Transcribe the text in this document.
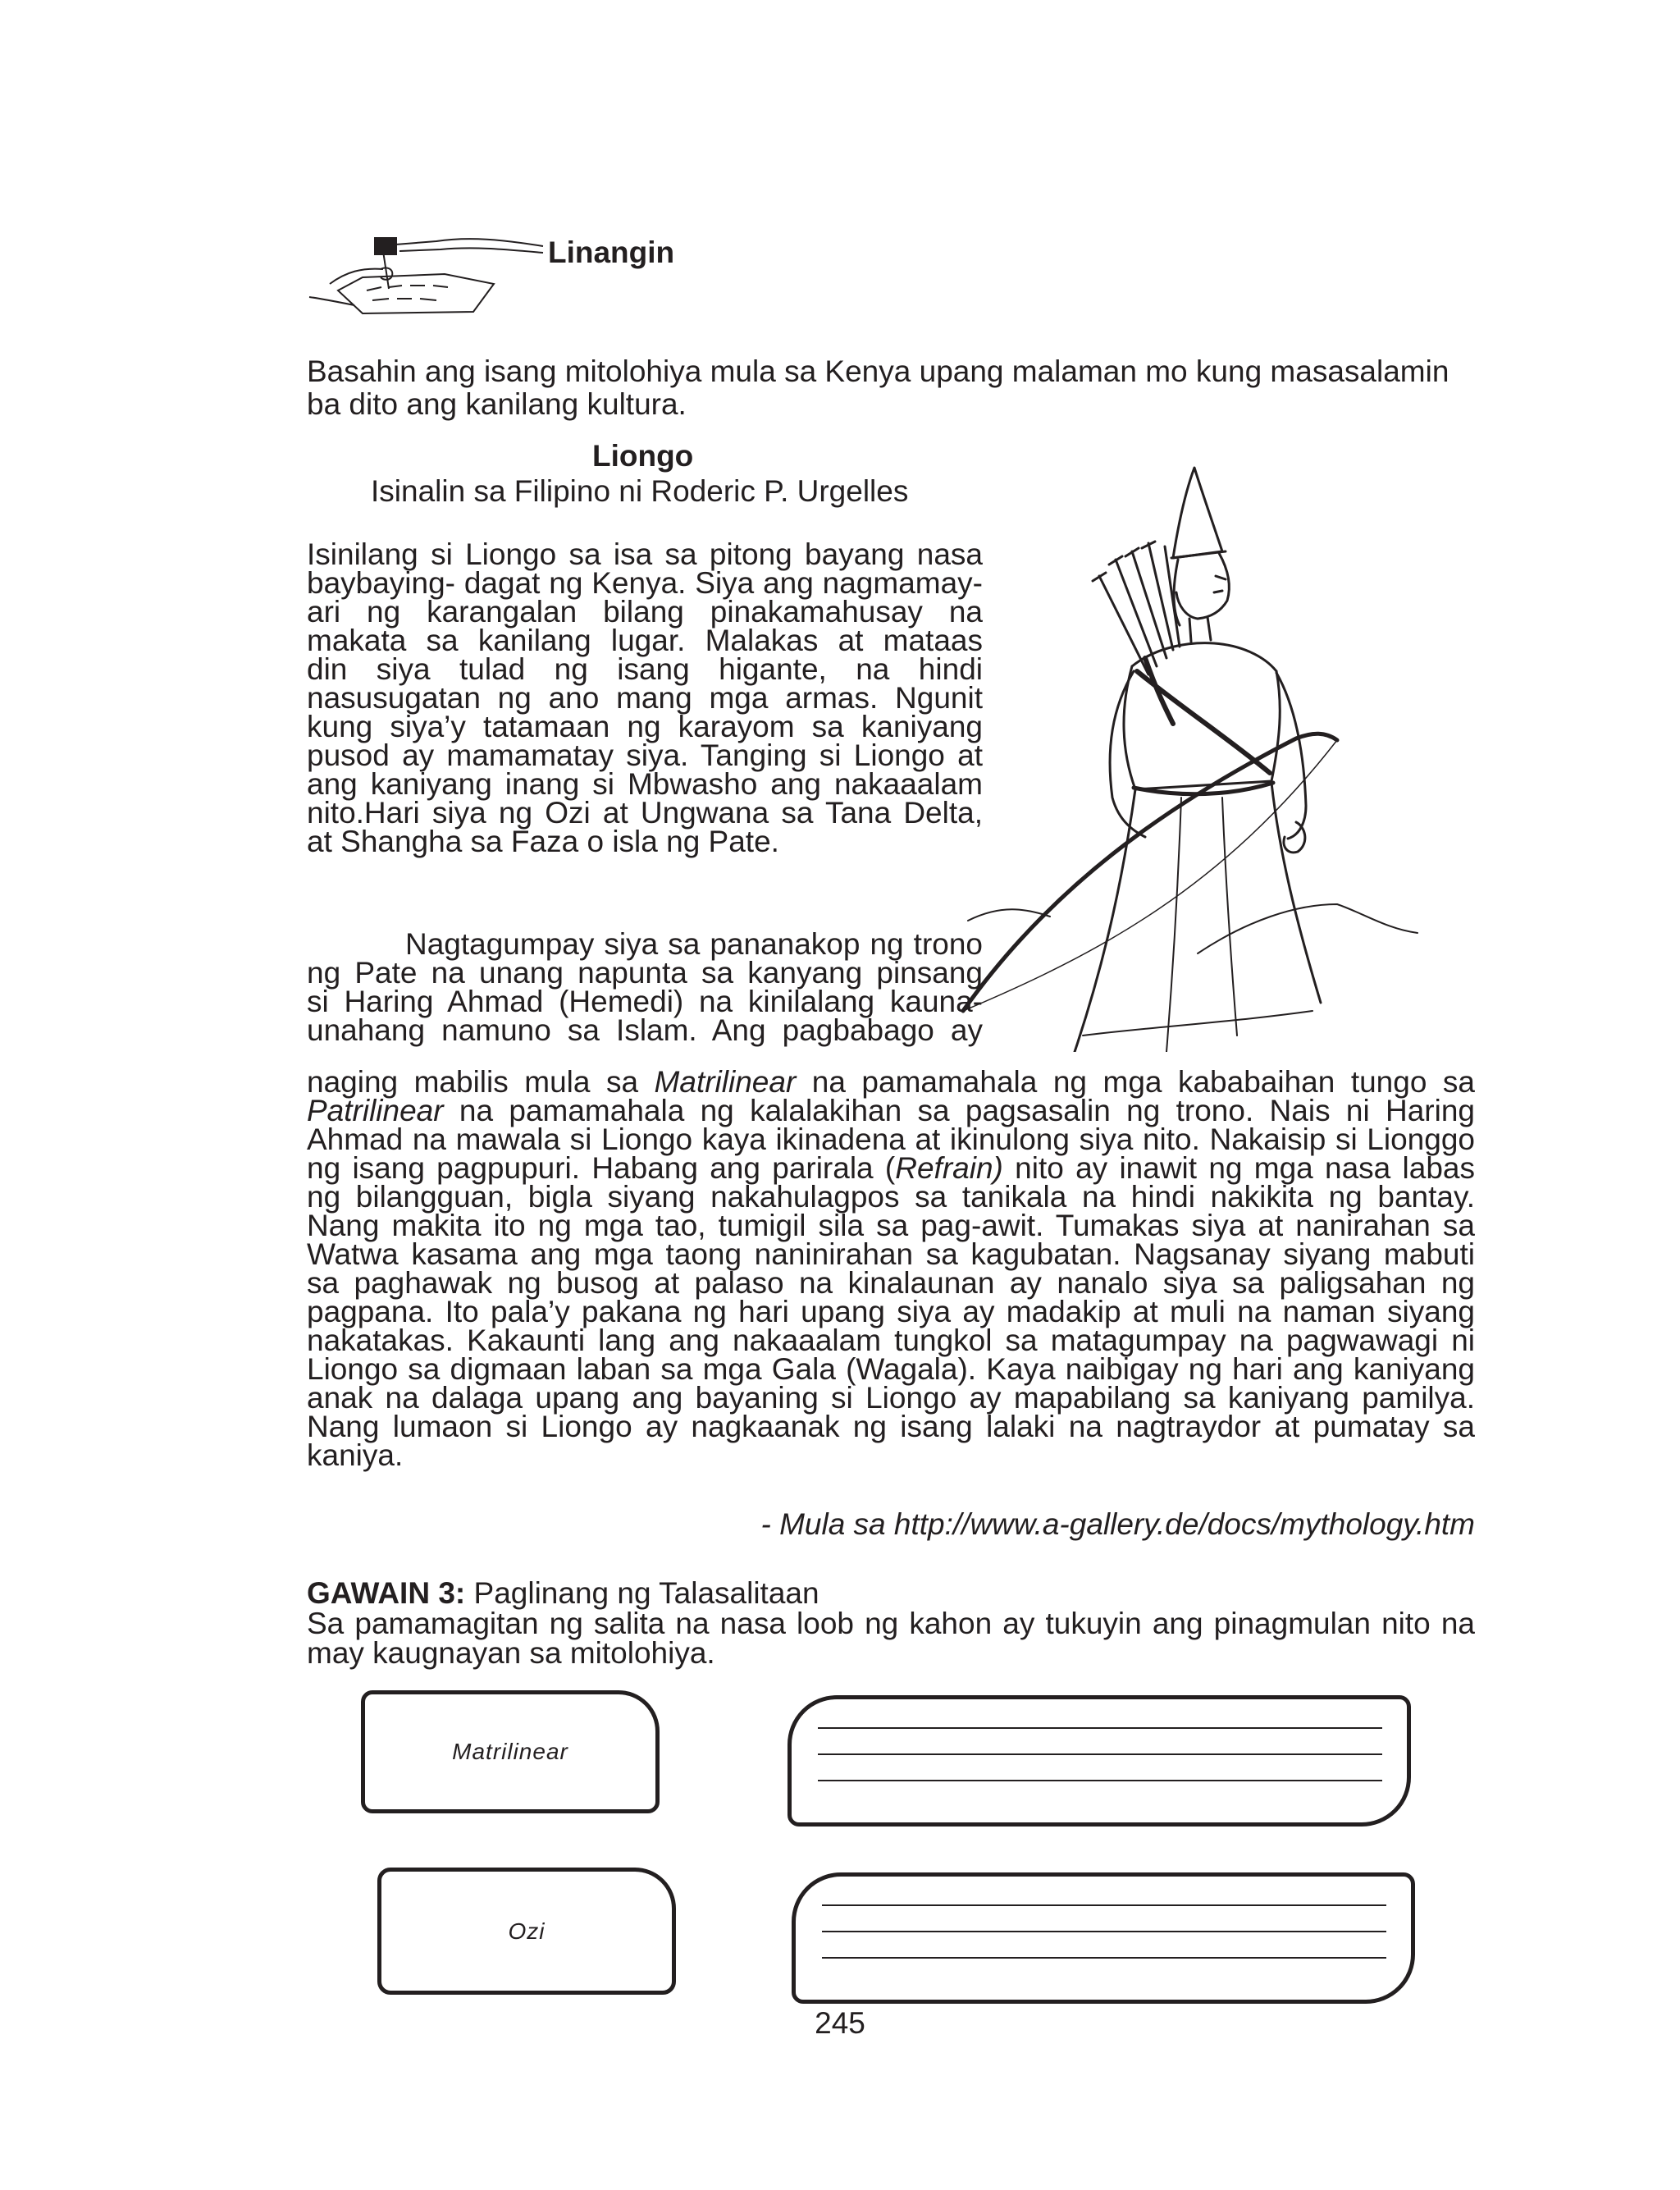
Linangin
Basahin ang isang mitolohiya mula sa Kenya upang malaman mo kung masasalamin
ba dito ang kanilang kultura.
Liongo
Isinalin sa Filipino ni Roderic P. Urgelles
Isinilang si Liongo sa isa sa pitong bayang nasa
baybaying- dagat ng Kenya. Siya ang nagmamay-
ari ng karangalan bilang pinakamahusay na
makata sa kanilang lugar. Malakas at mataas
din siya tulad ng isang higante, na hindi
nasusugatan ng ano mang mga armas. Ngunit
kung siya’y tatamaan ng karayom sa kaniyang
pusod ay mamamatay siya. Tanging si Liongo at
ang kaniyang inang si Mbwasho ang nakaaalam
nito.Hari siya ng Ozi at Ungwana sa Tana Delta,
at Shangha sa Faza o isla ng Pate.
Nagtagumpay siya sa pananakop ng trono
ng Pate na unang napunta sa kanyang pinsang
si Haring Ahmad (Hemedi) na kinilalang kauna-
unahang namuno sa Islam. Ang pagbabago ay
naging mabilis mula sa Matrilinear na pamamahala ng mga kababaihan tungo sa
Patrilinear na pamamahala ng kalalakihan sa pagsasalin ng trono. Nais ni Haring
Ahmad na mawala si Liongo kaya ikinadena at ikinulong siya nito. Nakaisip si Lionggo
ng isang pagpupuri. Habang ang parirala (Refrain) nito ay inawit ng mga nasa labas
ng bilangguan, bigla siyang nakahulagpos sa tanikala na hindi nakikita ng bantay.
Nang makita ito ng mga tao, tumigil sila sa pag-awit. Tumakas siya at nanirahan sa
Watwa kasama ang mga taong naninirahan sa kagubatan. Nagsanay siyang mabuti
sa paghawak ng busog at palaso na kinalaunan ay nanalo siya sa paligsahan ng
pagpana. Ito pala’y pakana ng hari upang siya ay madakip at muli na naman siyang
nakatakas. Kakaunti lang ang nakaaalam tungkol sa matagumpay na pagwawagi ni
Liongo sa digmaan laban sa mga Gala (Wagala). Kaya naibigay ng hari ang kaniyang
anak na dalaga upang ang bayaning si Liongo ay mapabilang sa kaniyang pamilya.
Nang lumaon si Liongo ay nagkaanak ng isang lalaki na nagtraydor at pumatay sa
kaniya.
- Mula sa http://www.a-gallery.de/docs/mythology.htm
GAWAIN 3: Paglinang ng Talasalitaan
Sa pamamagitan ng salita na nasa loob ng kahon ay tukuyin ang pinagmulan nito na
may kaugnayan sa mitolohiya.
Matrilinear
Ozi
245
